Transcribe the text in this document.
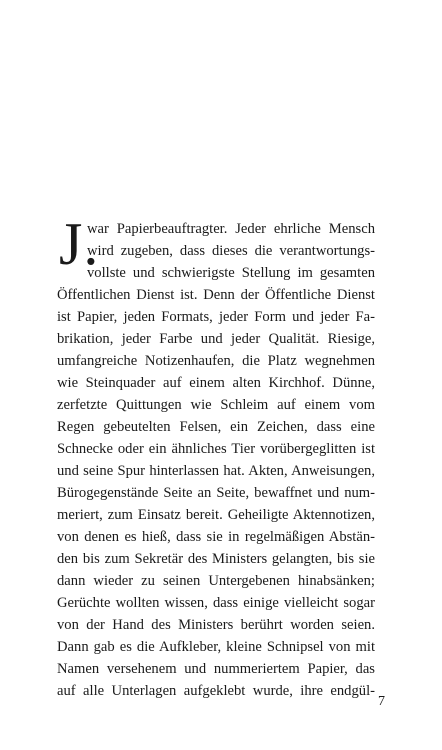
J.
war Papierbeauftragter. Jeder ehrliche Mensch
wird zugeben, dass dieses die verantwortungs-
vollste und schwierigste Stellung im gesamten
Öffentlichen Dienst ist. Denn der Öffentliche Dienst
ist Papier, jeden Formats, jeder Form und jeder Fa-
brikation, jeder Farbe und jeder Qualität. Riesige,
umfangreiche Notizenhaufen, die Platz wegnehmen
wie Steinquader auf einem alten Kirchhof. Dünne,
zerfetzte Quittungen wie Schleim auf einem vom
Regen gebeutelten Felsen, ein Zeichen, dass eine
Schnecke oder ein ähnliches Tier vorübergeglitten ist
und seine Spur hinterlassen hat. Akten, Anweisungen,
Bürogegenstände Seite an Seite, bewaffnet und num-
meriert, zum Einsatz bereit. Geheiligte Aktennotizen,
von denen es hieß, dass sie in regelmäßigen Abstän-
den bis zum Sekretär des Ministers gelangten, bis sie
dann wieder zu seinen Untergebenen hinabsänken;
Gerüchte wollten wissen, dass einige vielleicht sogar
von der Hand des Ministers berührt worden seien.
Dann gab es die Aufkleber, kleine Schnipsel von mit
Namen versehenem und nummeriertem Papier, das
auf alle Unterlagen aufgeklebt wurde, ihre endgül-
7
